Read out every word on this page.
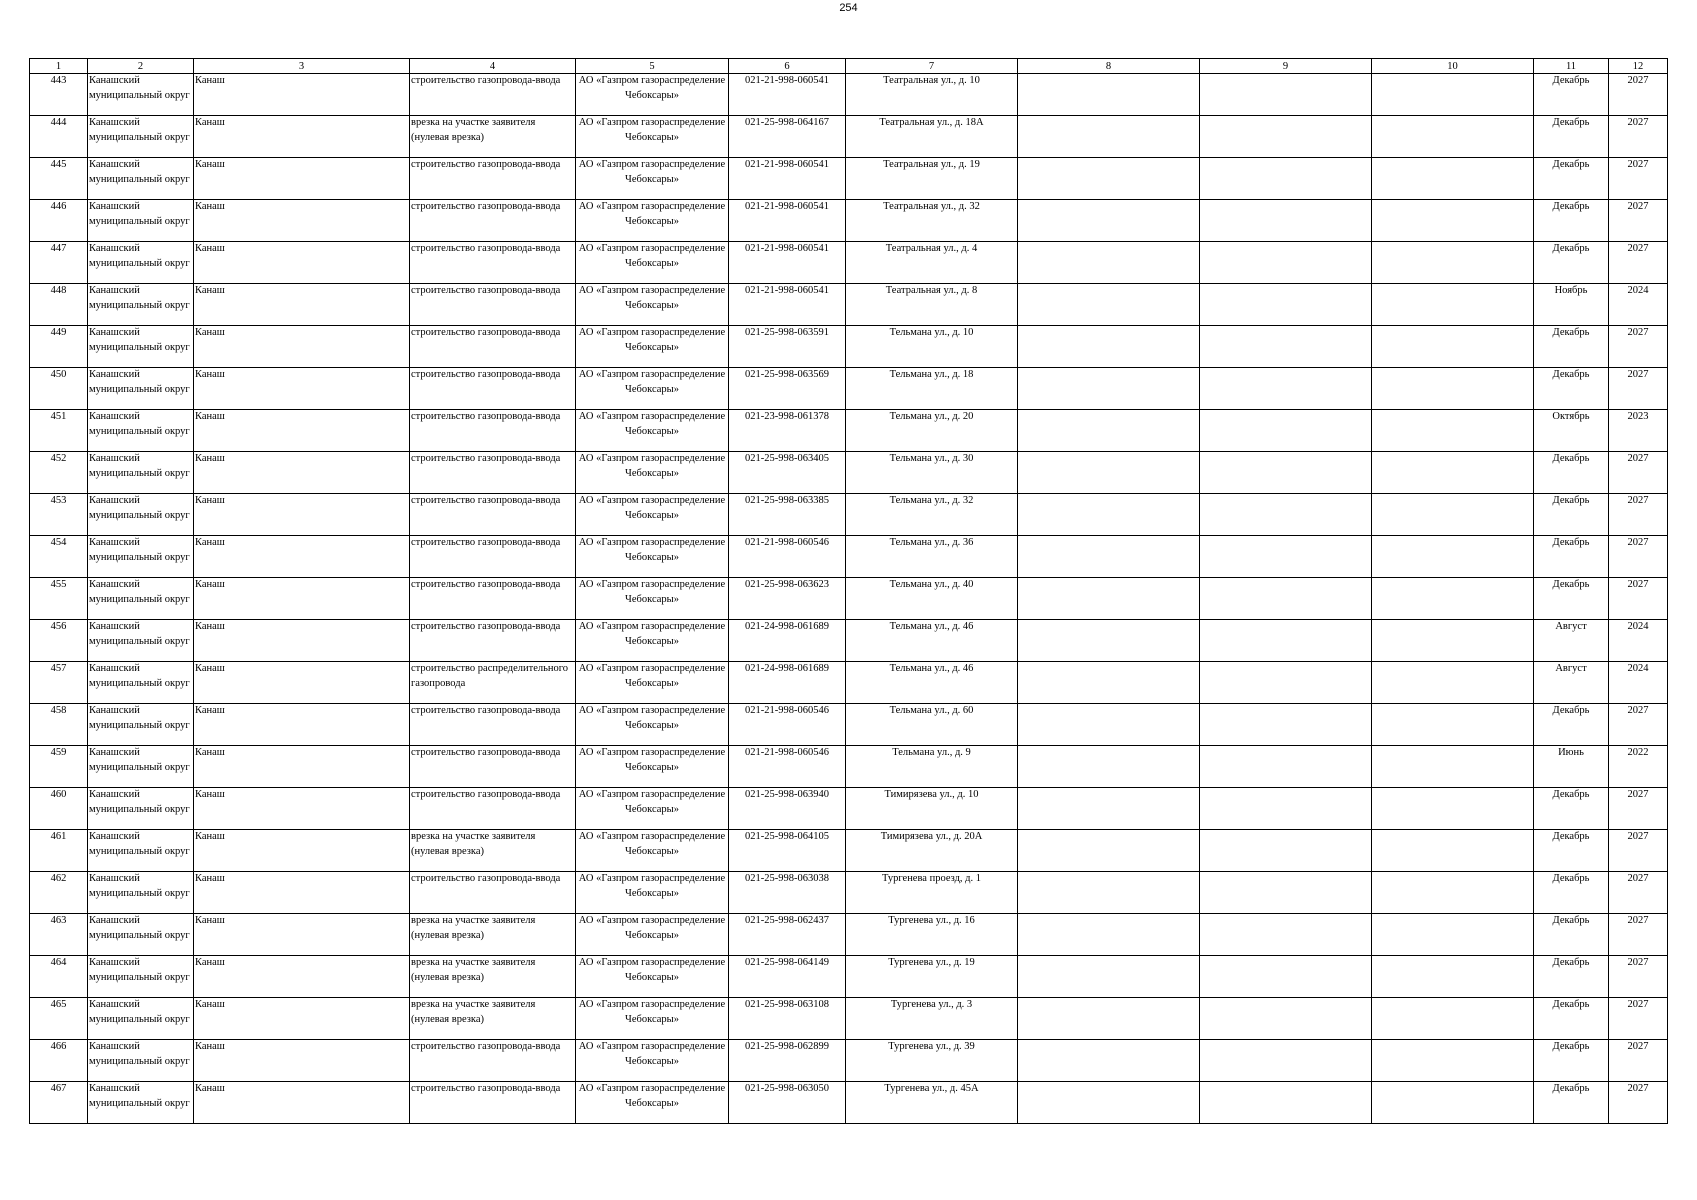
254
1	2	3	4	5	6	7	8	9	10	11	12

443	Канашский муниципальный округ	Канаш	строительство газопровода-ввода	АО «Газпром газораспределение Чебоксары»	021-21-998-060541	Театральная ул., д. 10				Декабрь	2027

444	Канашский муниципальный округ	Канаш	врезка на участке заявителя (нулевая врезка)	АО «Газпром газораспределение Чебоксары»	021-25-998-064167	Театральная ул., д. 18А				Декабрь	2027

445	Канашский муниципальный округ	Канаш	строительство газопровода-ввода	АО «Газпром газораспределение Чебоксары»	021-21-998-060541	Театральная ул., д. 19				Декабрь	2027

446	Канашский муниципальный округ	Канаш	строительство газопровода-ввода	АО «Газпром газораспределение Чебоксары»	021-21-998-060541	Театральная ул., д. 32				Декабрь	2027

447	Канашский муниципальный округ	Канаш	строительство газопровода-ввода	АО «Газпром газораспределение Чебоксары»	021-21-998-060541	Театральная ул., д. 4				Декабрь	2027

448	Канашский муниципальный округ	Канаш	строительство газопровода-ввода	АО «Газпром газораспределение Чебоксары»	021-21-998-060541	Театральная ул., д. 8				Ноябрь	2024

449	Канашский муниципальный округ	Канаш	строительство газопровода-ввода	АО «Газпром газораспределение Чебоксары»	021-25-998-063591	Тельмана ул., д. 10				Декабрь	2027

450	Канашский муниципальный округ	Канаш	строительство газопровода-ввода	АО «Газпром газораспределение Чебоксары»	021-25-998-063569	Тельмана ул., д. 18				Декабрь	2027

451	Канашский муниципальный округ	Канаш	строительство газопровода-ввода	АО «Газпром газораспределение Чебоксары»	021-23-998-061378	Тельмана ул., д. 20				Октябрь	2023

452	Канашский муниципальный округ	Канаш	строительство газопровода-ввода	АО «Газпром газораспределение Чебоксары»	021-25-998-063405	Тельмана ул., д. 30				Декабрь	2027

453	Канашский муниципальный округ	Канаш	строительство газопровода-ввода	АО «Газпром газораспределение Чебоксары»	021-25-998-063385	Тельмана ул., д. 32				Декабрь	2027

454	Канашский муниципальный округ	Канаш	строительство газопровода-ввода	АО «Газпром газораспределение Чебоксары»	021-21-998-060546	Тельмана ул., д. 36				Декабрь	2027

455	Канашский муниципальный округ	Канаш	строительство газопровода-ввода	АО «Газпром газораспределение Чебоксары»	021-25-998-063623	Тельмана ул., д. 40				Декабрь	2027

456	Канашский муниципальный округ	Канаш	строительство газопровода-ввода	АО «Газпром газораспределение Чебоксары»	021-24-998-061689	Тельмана ул., д. 46				Август	2024

457	Канашский муниципальный округ	Канаш	строительство распределительного газопровода	АО «Газпром газораспределение Чебоксары»	021-24-998-061689	Тельмана ул., д. 46				Август	2024

458	Канашский муниципальный округ	Канаш	строительство газопровода-ввода	АО «Газпром газораспределение Чебоксары»	021-21-998-060546	Тельмана ул., д. 60				Декабрь	2027

459	Канашский муниципальный округ	Канаш	строительство газопровода-ввода	АО «Газпром газораспределение Чебоксары»	021-21-998-060546	Тельмана ул., д. 9				Июнь	2022

460	Канашский муниципальный округ	Канаш	строительство газопровода-ввода	АО «Газпром газораспределение Чебоксары»	021-25-998-063940	Тимирязева ул., д. 10				Декабрь	2027

461	Канашский муниципальный округ	Канаш	врезка на участке заявителя (нулевая врезка)	АО «Газпром газораспределение Чебоксары»	021-25-998-064105	Тимирязева ул., д. 20А				Декабрь	2027

462	Канашский муниципальный округ	Канаш	строительство газопровода-ввода	АО «Газпром газораспределение Чебоксары»	021-25-998-063038	Тургенева проезд, д. 1				Декабрь	2027

463	Канашский муниципальный округ	Канаш	врезка на участке заявителя (нулевая врезка)	АО «Газпром газораспределение Чебоксары»	021-25-998-062437	Тургенева ул., д. 16				Декабрь	2027

464	Канашский муниципальный округ	Канаш	врезка на участке заявителя (нулевая врезка)	АО «Газпром газораспределение Чебоксары»	021-25-998-064149	Тургенева ул., д. 19				Декабрь	2027

465	Канашский муниципальный округ	Канаш	врезка на участке заявителя (нулевая врезка)	АО «Газпром газораспределение Чебоксары»	021-25-998-063108	Тургенева ул., д. 3				Декабрь	2027

466	Канашский муниципальный округ	Канаш	строительство газопровода-ввода	АО «Газпром газораспределение Чебоксары»	021-25-998-062899	Тургенева ул., д. 39				Декабрь	2027

467	Канашский муниципальный округ	Канаш	строительство газопровода-ввода	АО «Газпром газораспределение Чебоксары»	021-25-998-063050	Тургенева ул., д. 45А				Декабрь	2027
